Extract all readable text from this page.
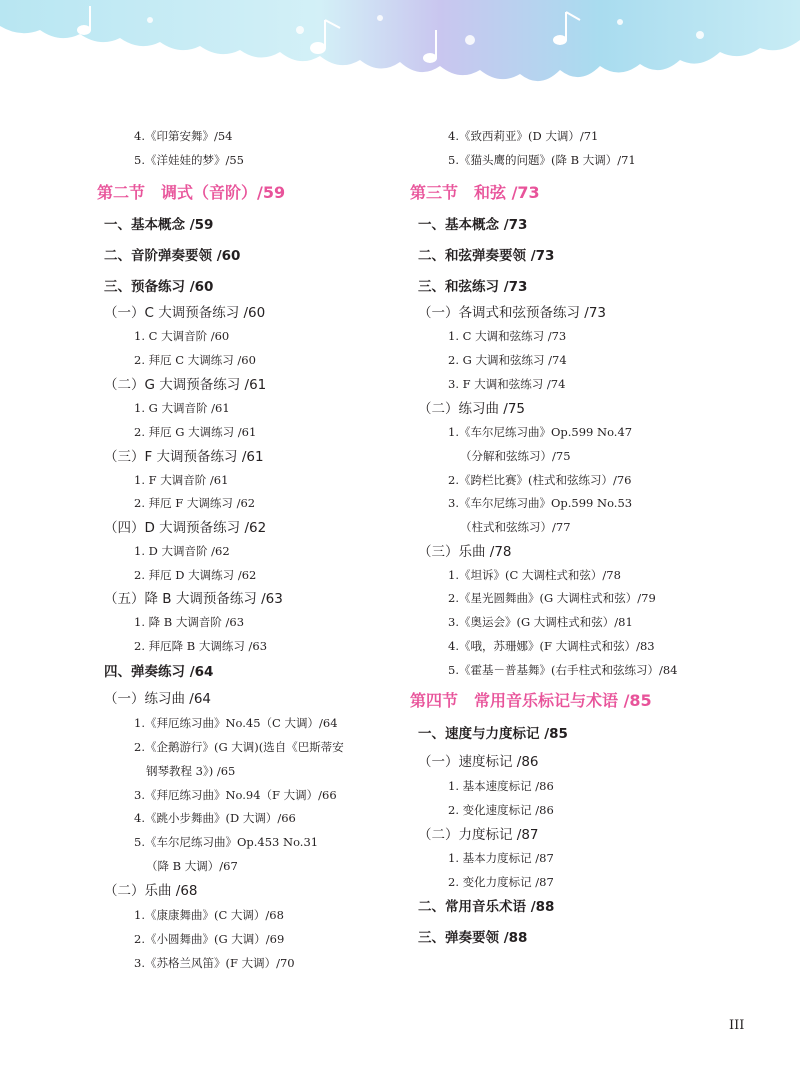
4.《印第安舞》/54
5.《洋娃娃的梦》/55
第二节　调式（音阶）/59
一、基本概念 /59
二、音阶弹奏要领 /60
三、预备练习 /60
（一）C 大调预备练习 /60
1. C 大调音阶 /60
2. 拜厄 C 大调练习 /60
（二）G 大调预备练习 /61
1. G 大调音阶 /61
2. 拜厄 G 大调练习 /61
（三）F 大调预备练习 /61
1. F 大调音阶 /61
2. 拜厄 F 大调练习 /62
（四）D 大调预备练习 /62
1. D 大调音阶 /62
2. 拜厄 D 大调练习 /62
（五）降 B 大调预备练习 /63
1. 降 B 大调音阶 /63
2. 拜厄降 B 大调练习 /63
四、弹奏练习 /64
（一）练习曲 /64
1.《拜厄练习曲》No.45（C 大调）/64
2.《企鹅游行》(G 大调)(选自《巴斯蒂安
钢琴教程 3》) /65
3.《拜厄练习曲》No.94（F 大调）/66
4.《跳小步舞曲》(D 大调）/66
5.《车尔尼练习曲》Op.453 No.31
（降 B 大调）/67
（二）乐曲 /68
1.《康康舞曲》(C 大调）/68
2.《小圆舞曲》(G 大调）/69
3.《苏格兰风笛》(F 大调）/70
4.《致西莉亚》(D 大调）/71
5.《猫头鹰的问题》(降 B 大调）/71
第三节　和弦 /73
一、基本概念 /73
二、和弦弹奏要领 /73
三、和弦练习 /73
（一）各调式和弦预备练习 /73
1. C 大调和弦练习 /73
2. G 大调和弦练习 /74
3. F 大调和弦练习 /74
（二）练习曲 /75
1.《车尔尼练习曲》Op.599 No.47
（分解和弦练习）/75
2.《跨栏比赛》(柱式和弦练习）/76
3.《车尔尼练习曲》Op.599 No.53
（柱式和弦练习）/77
（三）乐曲 /78
1.《坦诉》(C 大调柱式和弦）/78
2.《星光圆舞曲》(G 大调柱式和弦）/79
3.《奥运会》(G 大调柱式和弦）/81
4.《哦，苏珊娜》(F 大调柱式和弦）/83
5.《霍基－普基舞》(右手柱式和弦练习）/84
第四节　常用音乐标记与术语 /85
一、速度与力度标记 /85
（一）速度标记 /86
1. 基本速度标记 /86
2. 变化速度标记 /86
（二）力度标记 /87
1. 基本力度标记 /87
2. 变化力度标记 /87
二、常用音乐术语 /88
三、弹奏要领 /88
III
